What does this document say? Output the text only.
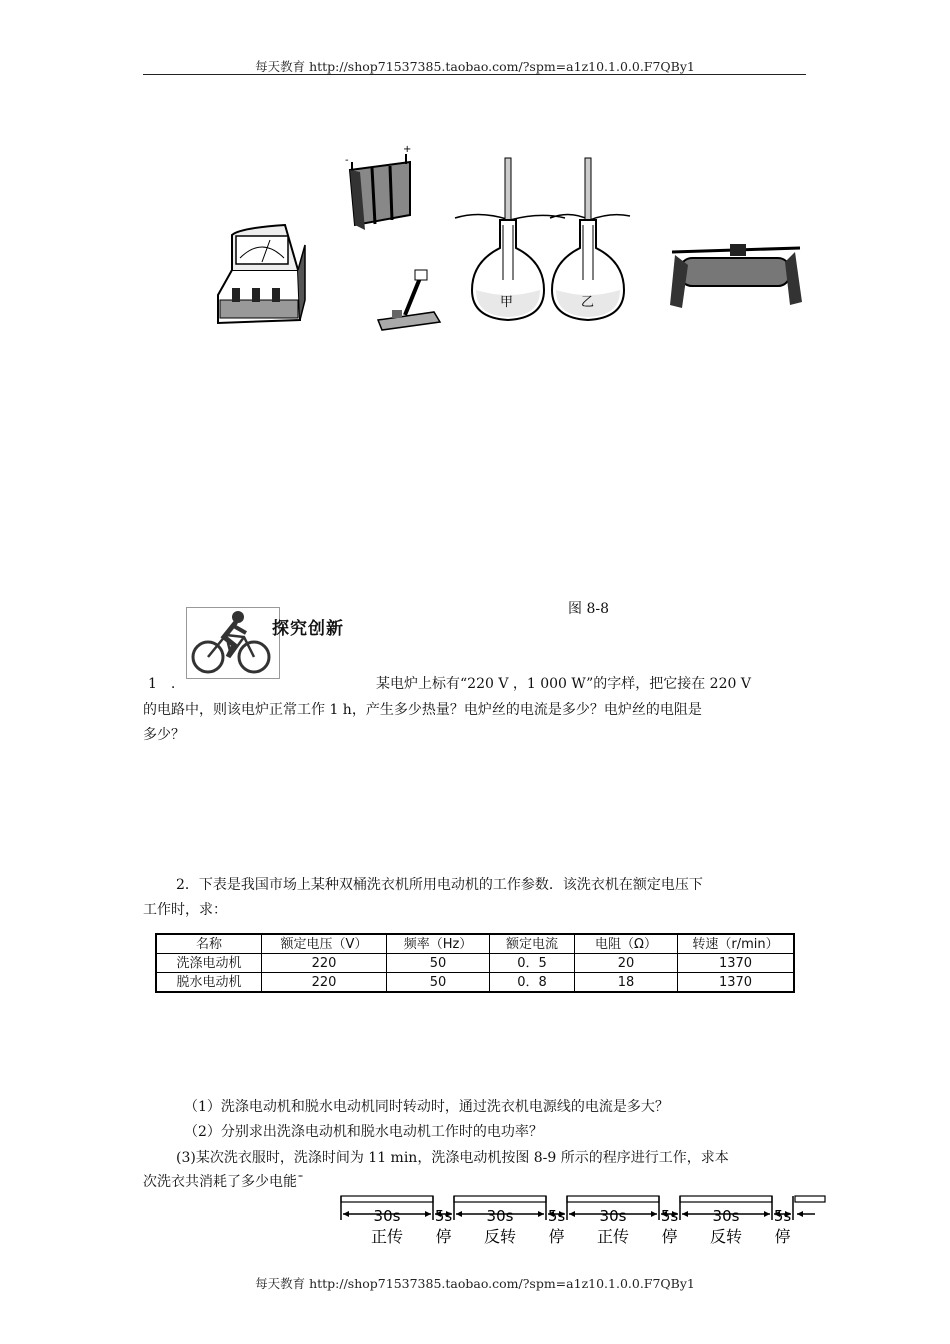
每天教育 http://shop71537385.taobao.com/?spm=a1z10.1.0.0.F7QBy1
-
+
甲	乙
图 8-8
探究创新
1　.	某电炉上标有“220 V ，1 000 W”的字样，把它接在 220 V
的电路中，则该电炉正常工作 1 h，产生多少热量？电炉丝的电流是多少？电炉丝的电阻是
多少？
2．下表是我国市场上某种双桶洗衣机所用电动机的工作参数．该洗衣机在额定电压下
工作时，求：
名称	额定电压（V）	频率（Hz）	额定电流	电阻（Ω）	转速（r/min）
洗涤电动机	220	50	0．5	20	1370
脱水电动机	220	50	0．8	18	1370
（1）洗涤电动机和脱水电动机同时转动时，通过洗衣机电源线的电流是多大？
（2）分别求出洗涤电动机和脱水电动机工作时的电功率？
(3)某次洗衣服时，洗涤时间为 11 min，洗涤电动机按图 8-9 所示的程序进行工作，求本
次洗衣共消耗了多少电能ˉ
30s
正传
5s
停
30s
反转
5s
停
30s
正传
5s
停
30s
反转
5s
停
每天教育 http://shop71537385.taobao.com/?spm=a1z10.1.0.0.F7QBy1
